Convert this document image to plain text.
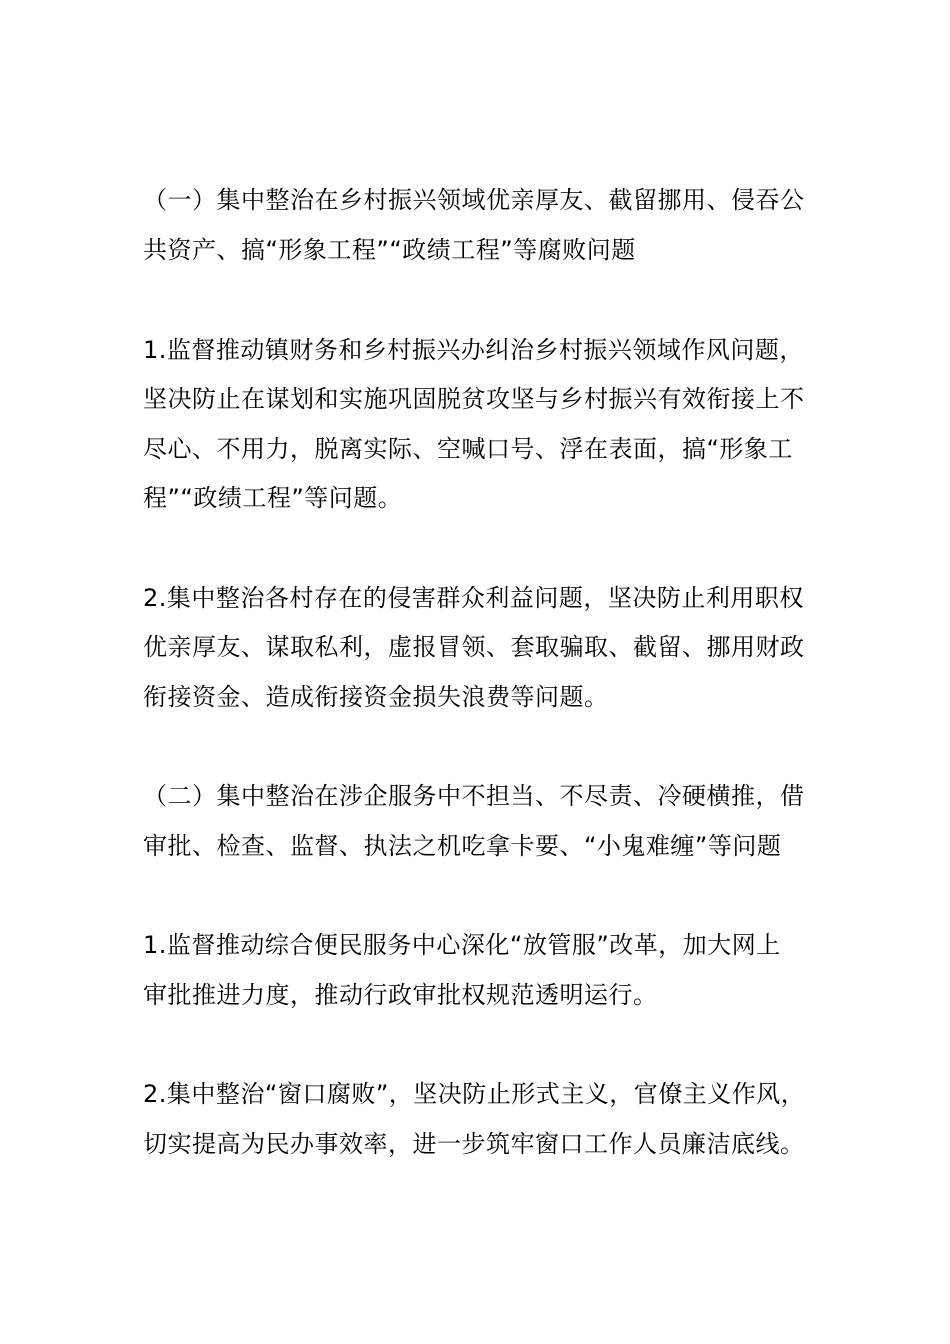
（一）集中整治在乡村振兴领域优亲厚友、截留挪用、侵吞公
共资产、搞“形象工程”“政绩工程”等腐败问题
1.监督推动镇财务和乡村振兴办纠治乡村振兴领域作风问题，
坚决防止在谋划和实施巩固脱贫攻坚与乡村振兴有效衔接上不
尽心、不用力，脱离实际、空喊口号、浮在表面，搞“形象工
程”“政绩工程”等问题。
2.集中整治各村存在的侵害群众利益问题，坚决防止利用职权
优亲厚友、谋取私利，虚报冒领、套取骗取、截留、挪用财政
衔接资金、造成衔接资金损失浪费等问题。
（二）集中整治在涉企服务中不担当、不尽责、冷硬横推，借
审批、检查、监督、执法之机吃拿卡要、“小鬼难缠”等问题
1.监督推动综合便民服务中心深化“放管服”改革，加大网上
审批推进力度，推动行政审批权规范透明运行。
2.集中整治“窗口腐败”，坚决防止形式主义，官僚主义作风，
切实提高为民办事效率，进一步筑牢窗口工作人员廉洁底线。
